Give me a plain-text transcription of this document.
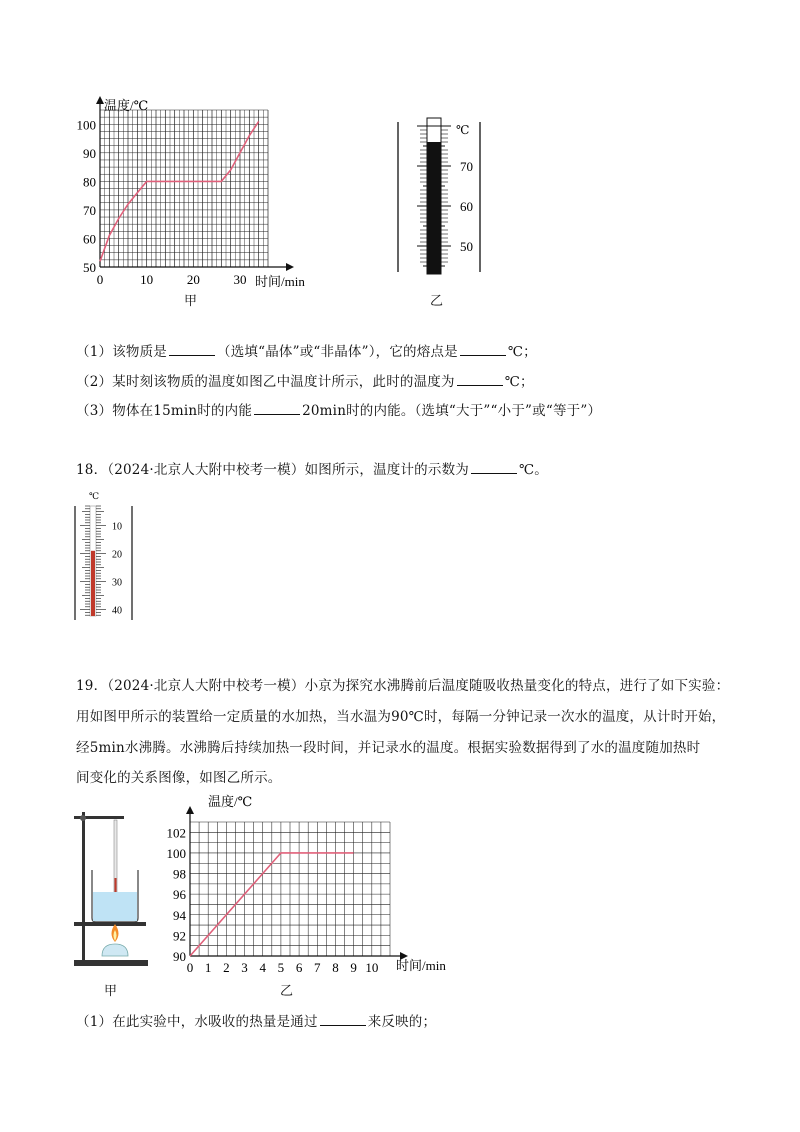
0	10	20	30
50
60
70
80
90
100
温度/℃
时间/min
甲
70
60
50
℃
乙
（1）该物质是	（选填“晶体”或“非晶体”），它的熔点是	℃；
（2）某时刻该物质的温度如图乙中温度计所示，此时的温度为	℃；
（3）物体在15min时的内能	20min时的内能。（选填“大于”“小于”或“等于”）
18．（2024·北京人大附中校考一模）如图所示，温度计的示数为	℃。
℃
10
20
30
40
19．（2024·北京人大附中校考一模）小京为探究水沸腾前后温度随吸收热量变化的特点，进行了如下实验：
用如图甲所示的装置给一定质量的水加热，当水温为90℃时，每隔一分钟记录一次水的温度，从计时开始，
经5min水沸腾。水沸腾后持续加热一段时间，并记录水的温度。根据实验数据得到了水的温度随加热时
间变化的关系图像，如图乙所示。
甲
0 1 2 3 4 5 6 7 8 9 10
90
92
94
96
98
100
102
温度/℃
时间/min
乙
（1）在此实验中，水吸收的热量是通过	来反映的；
